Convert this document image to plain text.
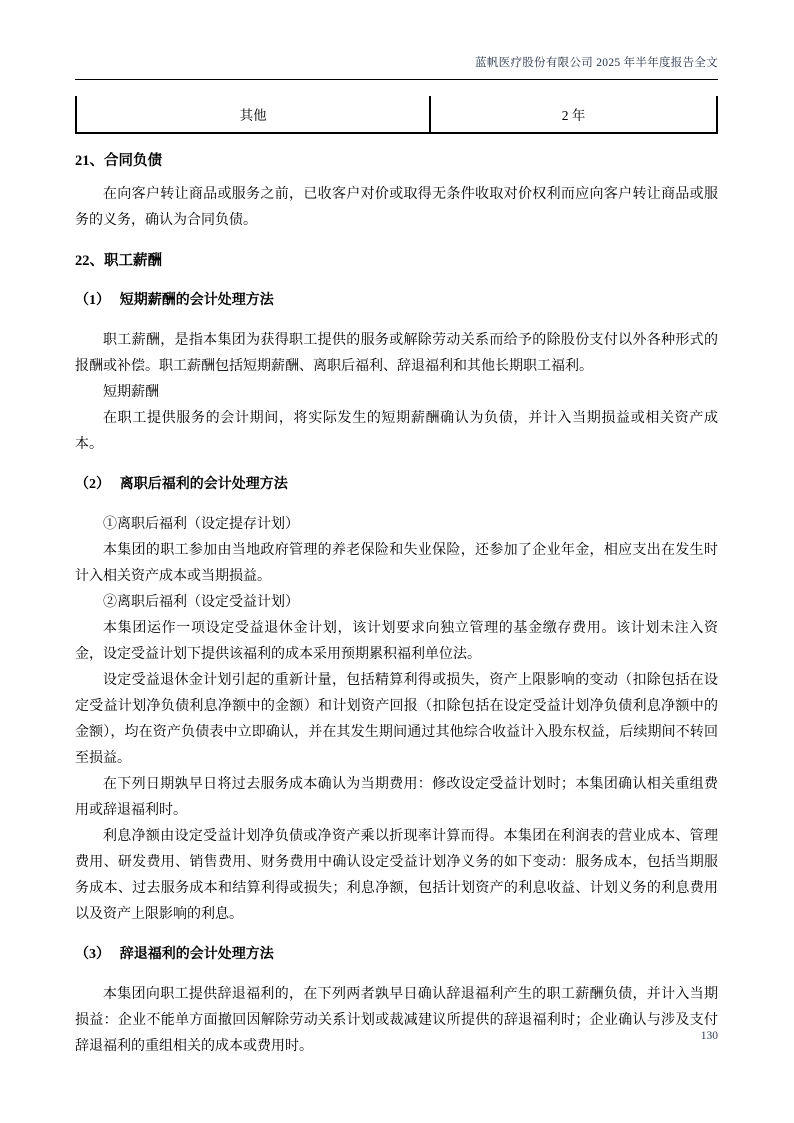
蓝帆医疗股份有限公司 2025 年半年度报告全文
其他	2 年
21、合同负债

在向客户转让商品或服务之前，已收客户对价或取得无条件收取对价权利而应向客户转让商品或服务的义务，确认为合同负债。

22、职工薪酬
（1） 短期薪酬的会计处理方法

职工薪酬，是指本集团为获得职工提供的服务或解除劳动关系而给予的除股份支付以外各种形式的报酬或补偿。职工薪酬包括短期薪酬、离职后福利、辞退福利和其他长期职工福利。

短期薪酬

在职工提供服务的会计期间，将实际发生的短期薪酬确认为负债，并计入当期损益或相关资产成本。

（2） 离职后福利的会计处理方法

①离职后福利（设定提存计划）

本集团的职工参加由当地政府管理的养老保险和失业保险，还参加了企业年金，相应支出在发生时计入相关资产成本或当期损益。

②离职后福利（设定受益计划）

本集团运作一项设定受益退休金计划，该计划要求向独立管理的基金缴存费用。该计划未注入资金，设定受益计划下提供该福利的成本采用预期累积福利单位法。

设定受益退休金计划引起的重新计量，包括精算利得或损失，资产上限影响的变动（扣除包括在设定受益计划净负债利息净额中的金额）和计划资产回报（扣除包括在设定受益计划净负债利息净额中的金额），均在资产负债表中立即确认，并在其发生期间通过其他综合收益计入股东权益，后续期间不转回至损益。

在下列日期孰早日将过去服务成本确认为当期费用：修改设定受益计划时；本集团确认相关重组费用或辞退福利时。

利息净额由设定受益计划净负债或净资产乘以折现率计算而得。本集团在利润表的营业成本、管理费用、研发费用、销售费用、财务费用中确认设定受益计划净义务的如下变动：服务成本，包括当期服务成本、过去服务成本和结算利得或损失；利息净额，包括计划资产的利息收益、计划义务的利息费用以及资产上限影响的利息。

（3） 辞退福利的会计处理方法

本集团向职工提供辞退福利的，在下列两者孰早日确认辞退福利产生的职工薪酬负债，并计入当期损益：企业不能单方面撤回因解除劳动关系计划或裁减建议所提供的辞退福利时；企业确认与涉及支付辞退福利的重组相关的成本或费用时。

130
